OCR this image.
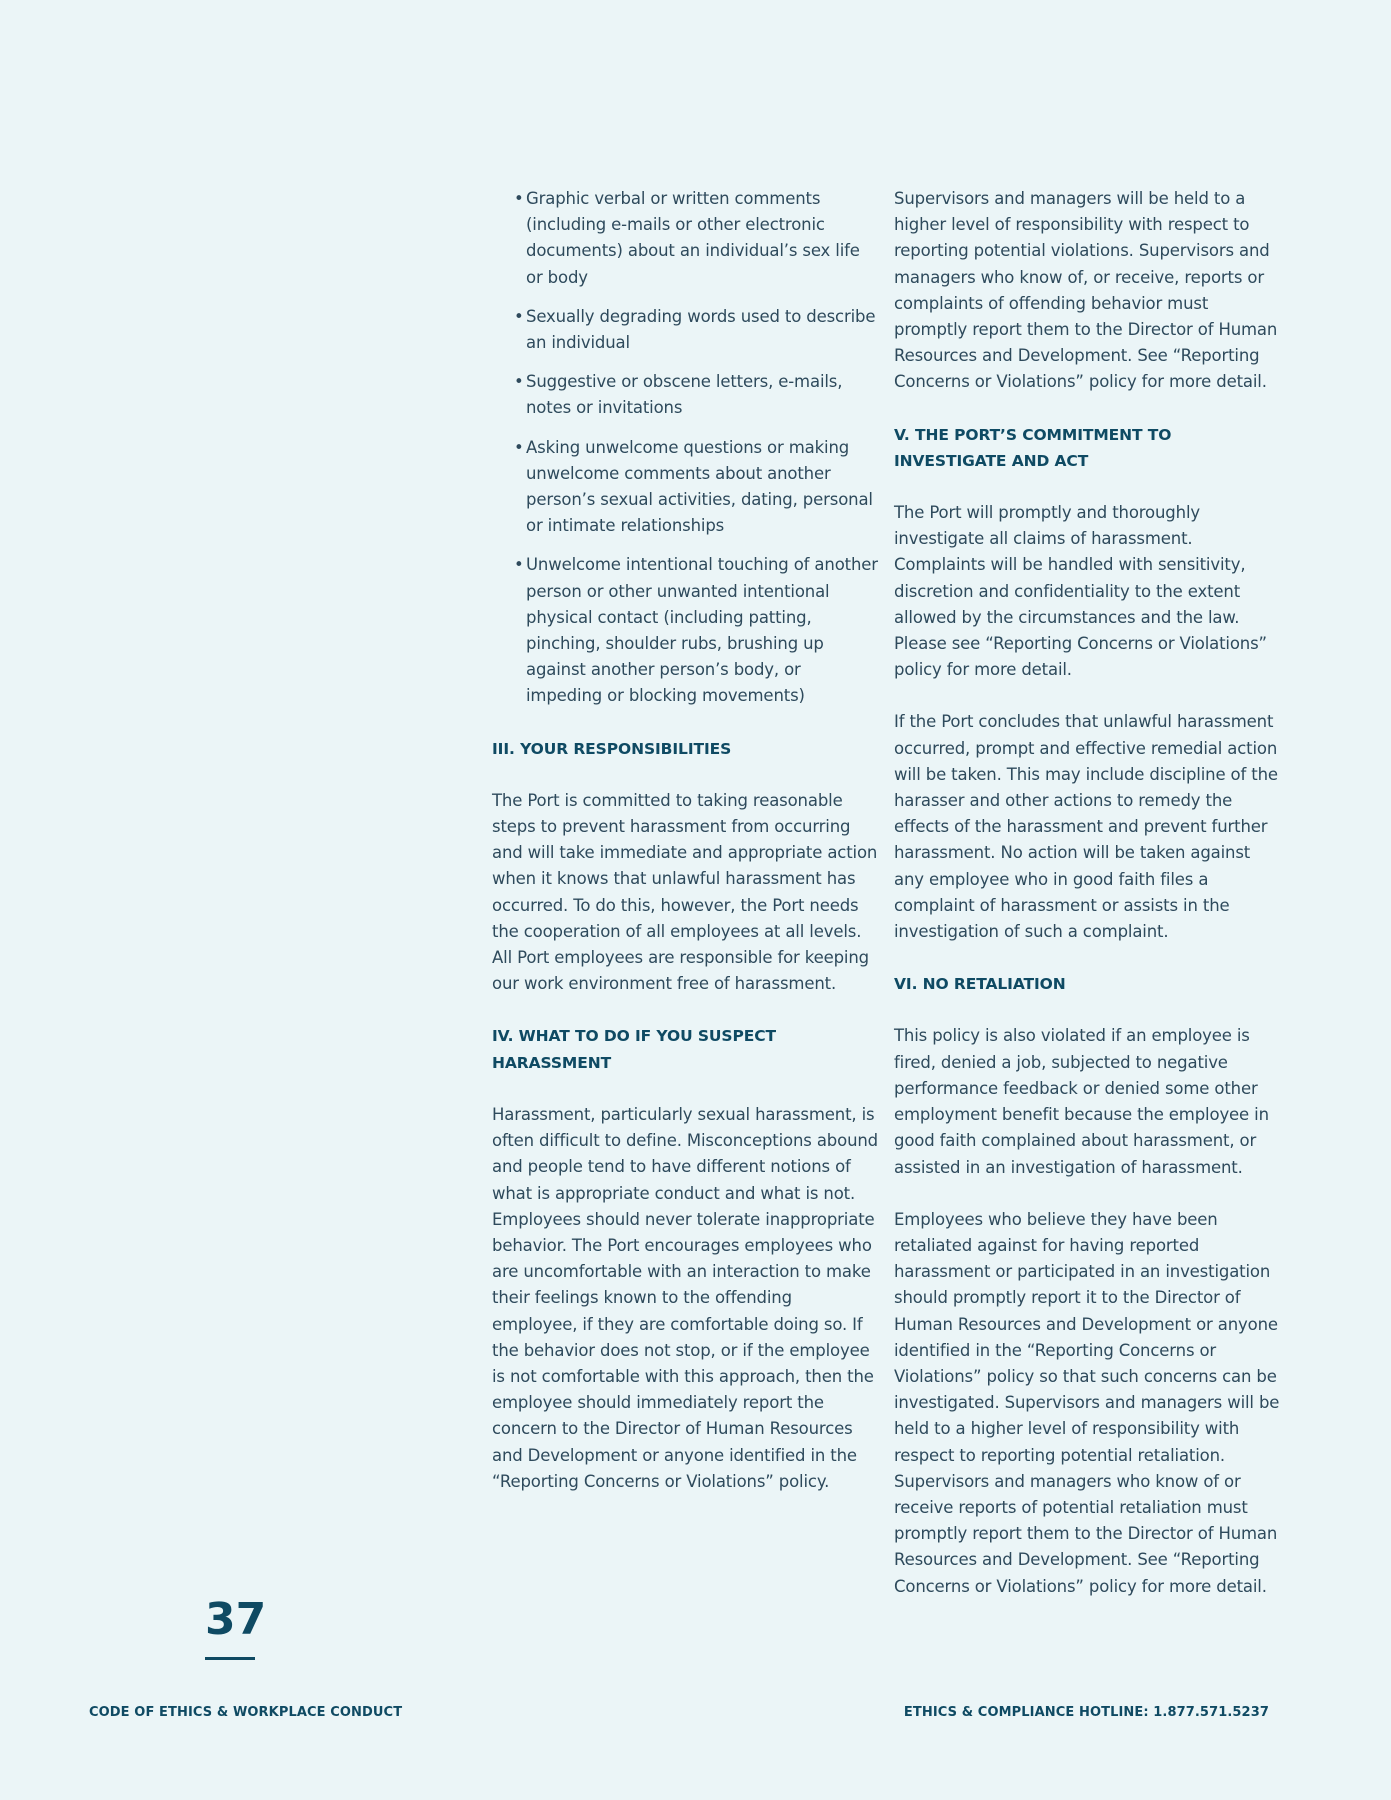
• Graphic verbal or written comments (including e-mails or other electronic documents) about an individual’s sex life or body
• Sexually degrading words used to describe an individual
• Suggestive or obscene letters, e-mails, notes or invitations
• Asking unwelcome questions or making unwelcome comments about another person’s sexual activities, dating, personal or intimate relationships
• Unwelcome intentional touching of another person or other unwanted intentional physical contact (including patting, pinching, shoulder rubs, brushing up against another person’s body, or impeding or blocking movements)
III. YOUR RESPONSIBILITIES

The Port is committed to taking reasonable steps to prevent harassment from occurring and will take immediate and appropriate action when it knows that unlawful harassment has occurred. To do this, however, the Port needs the cooperation of all employees at all levels. All Port employees are responsible for keeping our work environment free of harassment.

IV. WHAT TO DO IF YOU SUSPECT HARASSMENT

Harassment, particularly sexual harassment, is often difficult to define. Misconceptions abound and people tend to have different notions of what is appropriate conduct and what is not. Employees should never tolerate inappropriate behavior. The Port encourages employees who are uncomfortable with an interaction to make their feelings known to the offending employee, if they are comfortable doing so. If the behavior does not stop, or if the employee is not comfortable with this approach, then the employee should immediately report the concern to the Director of Human Resources and Development or anyone identified in the “Reporting Concerns or Violations” policy.

Supervisors and managers will be held to a higher level of responsibility with respect to reporting potential violations. Supervisors and managers who know of, or receive, reports or complaints of offending behavior must promptly report them to the Director of Human Resources and Development. See “Reporting Concerns or Violations” policy for more detail.

V. THE PORT’S COMMITMENT TO INVESTIGATE AND ACT

The Port will promptly and thoroughly investigate all claims of harassment. Complaints will be handled with sensitivity, discretion and confidentiality to the extent allowed by the circumstances and the law. Please see “Reporting Concerns or Violations” policy for more detail.

If the Port concludes that unlawful harassment occurred, prompt and effective remedial action will be taken. This may include discipline of the harasser and other actions to remedy the effects of the harassment and prevent further harassment. No action will be taken against any employee who in good faith files a complaint of harassment or assists in the investigation of such a complaint.

VI. NO RETALIATION

This policy is also violated if an employee is fired, denied a job, subjected to negative performance feedback or denied some other employment benefit because the employee in good faith complained about harassment, or assisted in an investigation of harassment.

Employees who believe they have been retaliated against for having reported harassment or participated in an investigation should promptly report it to the Director of Human Resources and Development or anyone identified in the “Reporting Concerns or Violations” policy so that such concerns can be investigated. Supervisors and managers will be held to a higher level of responsibility with respect to reporting potential retaliation. Supervisors and managers who know of or receive reports of potential retaliation must promptly report them to the Director of Human Resources and Development. See “Reporting Concerns or Violations” policy for more detail.

37
CODE OF ETHICS & WORKPLACE CONDUCT	ETHICS & COMPLIANCE HOTLINE: 1.877.571.5237
